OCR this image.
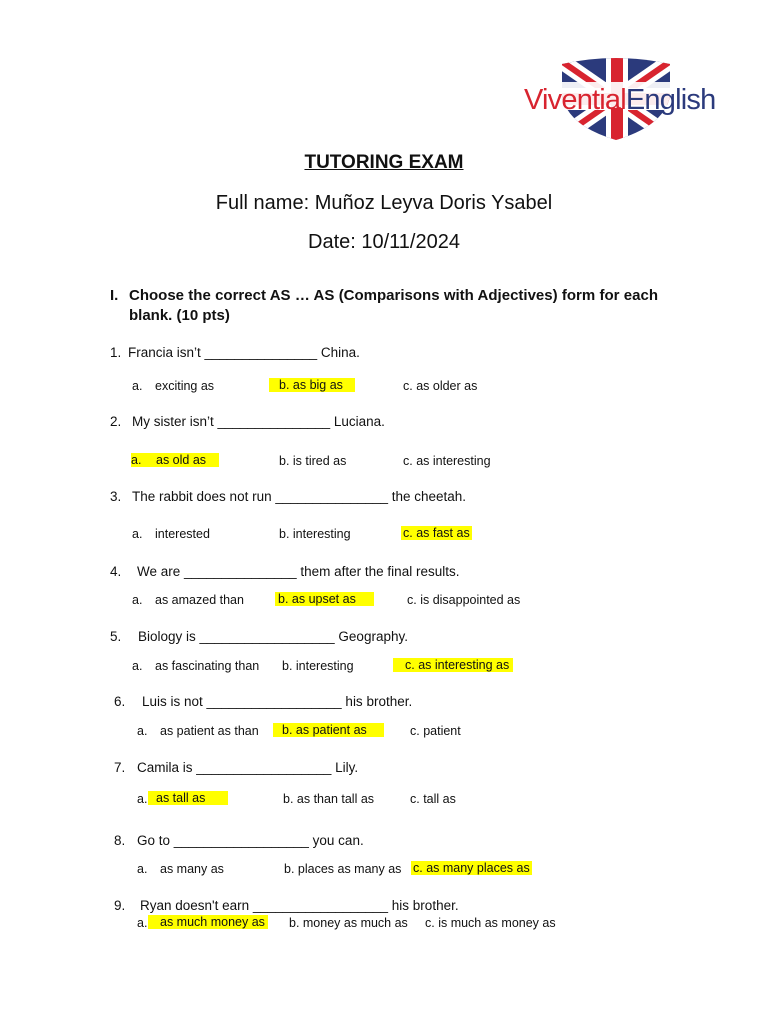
ViventialEnglish
TUTORING EXAM
Full name: Muñoz Leyva Doris Ysabel
Date: 10/11/2024
I. Choose the correct AS … AS (Comparisons with Adjectives) form for each blank. (10 pts)
1. Francia isn’t _______________ China.
a. exciting as	b. as big as	c. as older as
2. My sister isn’t _______________ Luciana.
a. as old as	b. is tired as	c. as interesting
3. The rabbit does not run _______________ the cheetah.
a. interested	b. interesting	c. as fast as
4. We are _______________ them after the final results.
a. as amazed than	b. as upset as	c. is disappointed as
5. Biology is __________________ Geography.
a. as fascinating than b. interesting	c. as interesting as
6. Luis is not __________________ his brother.
a. as patient as than	b. as patient as	c. patient
7. Camila is __________________ Lily.
a. as tall as	b. as than tall as	c. tall as
8. Go to __________________ you can.
a. as many as	b. places as many as c. as many places as
9. Ryan doesn't earn __________________ his brother.
a.	as much money as b. money as much as c. is much as money as
